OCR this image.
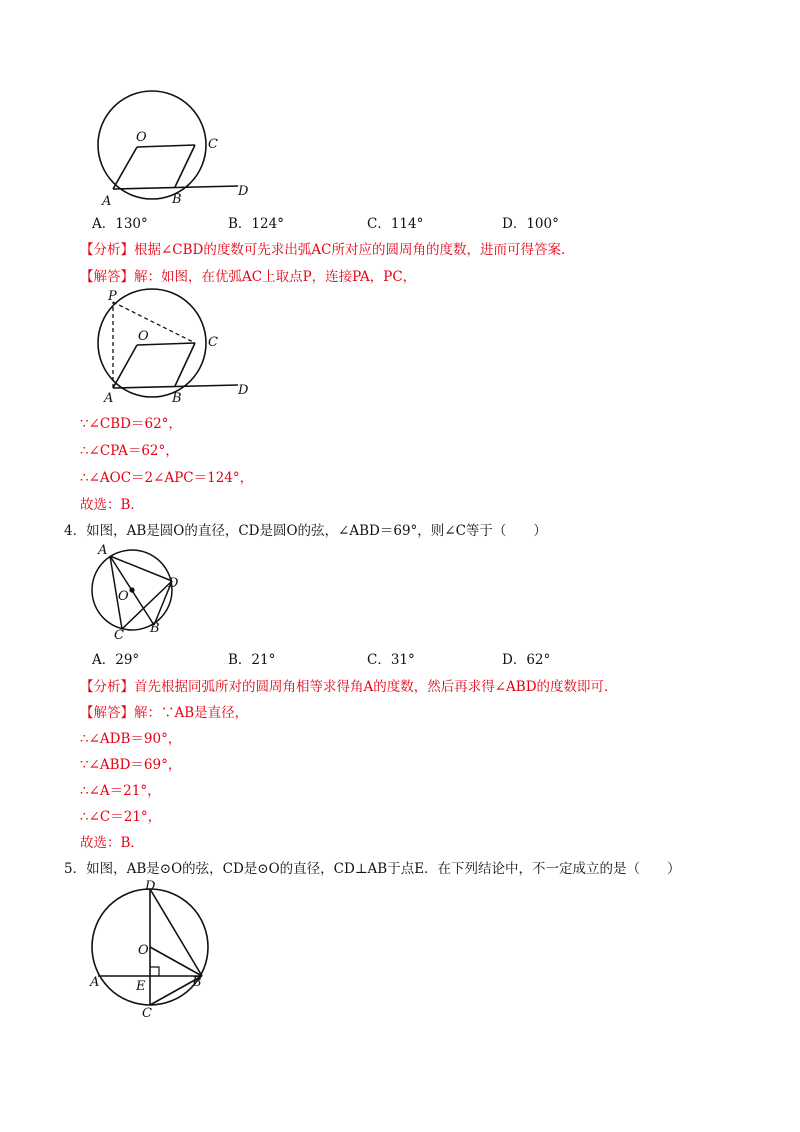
O	C
A	B
D
A．130°	B．124°	C．114°	D．100°
【分析】根据∠CBD的度数可先求出弧AC所对应的圆周角的度数，进而可得答案．
【解答】解：如图，在优弧AC上取点P，连接PA，PC，
P
O	C
A	B
D
∵∠CBD＝62°，
∴∠CPA＝62°，
∴∠AOC＝2∠APC＝124°，
故选：B．
4．如图，AB是圆O的直径，CD是圆O的弦，∠ABD＝69°，则∠C等于（　　）
A
D
O
B
C
A．29°	B．21°	C．31°	D．62°
【分析】首先根据同弧所对的圆周角相等求得角A的度数，然后再求得∠ABD的度数即可．
【解答】解：∵AB是直径，
∴∠ADB＝90°，
∵∠ABD＝69°，
∴∠A＝21°，
∴∠C＝21°，
故选：B．
5．如图，AB是⊙O的弦，CD是⊙O的直径，CD⊥AB于点E．在下列结论中，不一定成立的是（　　）
D
O
A	E	B
C
